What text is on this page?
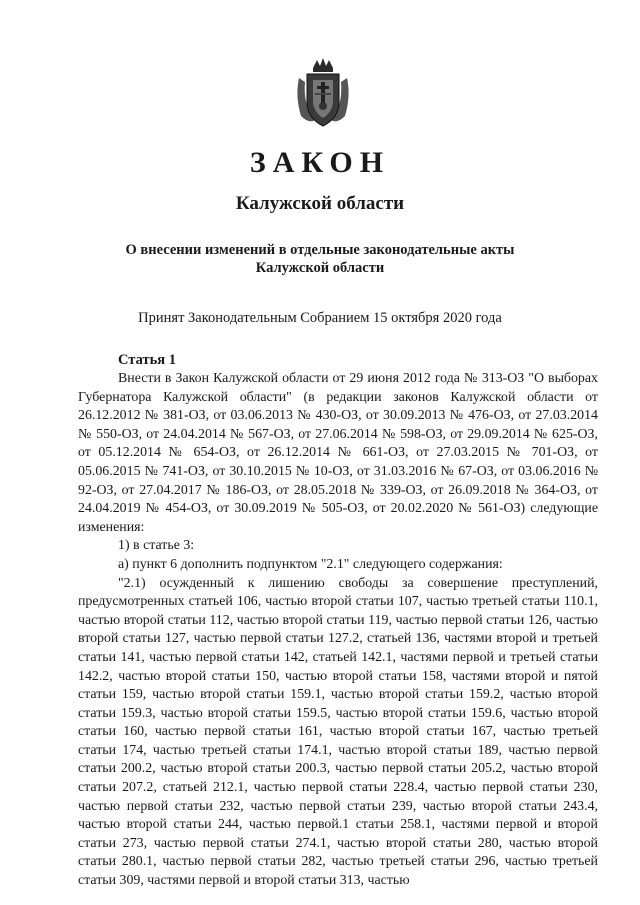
ЗАКОН
Калужской области
О внесении изменений в отдельные законодательные акты
Калужской области
Принят Законодательным Собранием 15 октября 2020 года
Статья 1

Внести в Закон Калужской области от 29 июня 2012 года № 313-ОЗ "О выборах Губернатора Калужской области" (в редакции законов Калужской области от 26.12.2012 № 381-ОЗ, от 03.06.2013 № 430-ОЗ, от 30.09.2013 № 476-ОЗ, от 27.03.2014 № 550-ОЗ, от 24.04.2014 № 567-ОЗ, от 27.06.2014 № 598-ОЗ, от 29.09.2014 № 625-ОЗ, от 05.12.2014 № 654-ОЗ, от 26.12.2014 № 661-ОЗ, от 27.03.2015 № 701-ОЗ, от 05.06.2015 № 741-ОЗ, от 30.10.2015 № 10-ОЗ, от 31.03.2016 № 67-ОЗ, от 03.06.2016 № 92-ОЗ, от 27.04.2017 № 186-ОЗ, от 28.05.2018 № 339-ОЗ, от 26.09.2018 № 364-ОЗ, от 24.04.2019 № 454-ОЗ, от 30.09.2019 № 505-ОЗ, от 20.02.2020 № 561-ОЗ) следующие изменения:

1) в статье 3:

а) пункт 6 дополнить подпунктом "2.1" следующего содержания:

"2.1) осужденный к лишению свободы за совершение преступлений, предусмотренных статьей 106, частью второй статьи 107, частью третьей статьи 110.1, частью второй статьи 112, частью второй статьи 119, частью первой статьи 126, частью второй статьи 127, частью первой статьи 127.2, статьей 136, частями второй и третьей статьи 141, частью первой статьи 142, статьей 142.1, частями первой и третьей статьи 142.2, частью второй статьи 150, частью второй статьи 158, частями второй и пятой статьи 159, частью второй статьи 159.1, частью второй статьи 159.2, частью второй статьи 159.3, частью второй статьи 159.5, частью второй статьи 159.6, частью второй статьи 160, частью первой статьи 161, частью второй статьи 167, частью третьей статьи 174, частью третьей статьи 174.1, частью второй статьи 189, частью первой статьи 200.2, частью второй статьи 200.3, частью первой статьи 205.2, частью второй статьи 207.2, статьей 212.1, частью первой статьи 228.4, частью первой статьи 230, частью первой статьи 232, частью первой статьи 239, частью второй статьи 243.4, частью второй статьи 244, частью первой.1 статьи 258.1, частями первой и второй статьи 273, частью первой статьи 274.1, частью второй статьи 280, частью второй статьи 280.1, частью первой статьи 282, частью третьей статьи 296, частью третьей статьи 309, частями первой и второй статьи 313, частью
